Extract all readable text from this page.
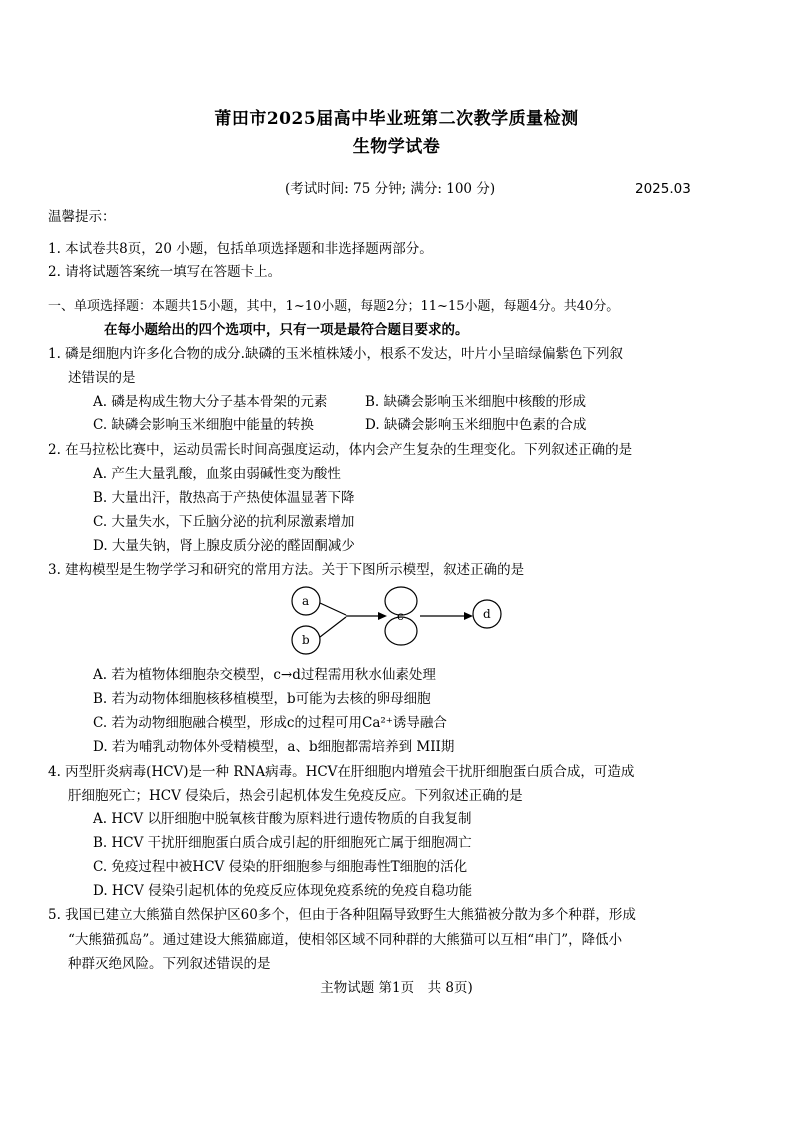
莆田市2025届高中毕业班第二次教学质量检测
生物学试卷
(考试时间: 75 分钟; 满分: 100 分)	2025.03
温馨提示：
1. 本试卷共8页，20 小题，包括单项选择题和非选择题两部分。
2. 请将试题答案统一填写在答题卡上。
一、单项选择题：本题共15小题，其中，1~10小题，每题2分；11~15小题，每题4分。共40分。
在每小题给出的四个选项中，只有一项是最符合题目要求的。
1. 磷是细胞内许多化合物的成分.缺磷的玉米植株矮小，根系不发达，叶片小呈暗绿偏紫色下列叙
述错误的是
A. 磷是构成生物大分子基本骨架的元素	B. 缺磷会影响玉米细胞中核酸的形成
C. 缺磷会影响玉米细胞中能量的转换	D. 缺磷会影响玉米细胞中色素的合成
2. 在马拉松比赛中，运动员需长时间高强度运动，体内会产生复杂的生理变化。下列叙述正确的是
A. 产生大量乳酸，血浆由弱碱性变为酸性
B. 大量出汗，散热高于产热使体温显著下降
C. 大量失水，下丘脑分泌的抗利尿激素增加
D. 大量失钠，肾上腺皮质分泌的醛固酮减少
3. 建构模型是生物学学习和研究的常用方法。关于下图所示模型，叙述正确的是
a
b
c	d
A. 若为植物体细胞杂交模型，c→d过程需用秋水仙素处理
B. 若为动物体细胞核移植模型，b可能为去核的卵母细胞
C. 若为动物细胞融合模型，形成c的过程可用Ca²⁺诱导融合
D. 若为哺乳动物体外受精模型，a、b细胞都需培养到 MII期
4. 丙型肝炎病毒(HCV)是一种 RNA病毒。HCV在肝细胞内增殖会干扰肝细胞蛋白质合成，可造成
肝细胞死亡；HCV 侵染后，热会引起机体发生免疫反应。下列叙述正确的是
A. HCV 以肝细胞中脱氧核苷酸为原料进行遗传物质的自我复制
B. HCV 干扰肝细胞蛋白质合成引起的肝细胞死亡属于细胞凋亡
C. 免疫过程中被HCV 侵染的肝细胞参与细胞毒性T细胞的活化
D. HCV 侵染引起机体的免疫反应体现免疫系统的免疫自稳功能
5. 我国已建立大熊猫自然保护区60多个，但由于各种阻隔导致野生大熊猫被分散为多个种群，形成
“大熊猫孤岛”。通过建设大熊猫廊道，使相邻区域不同种群的大熊猫可以互相“串门”，降低小
种群灭绝风险。下列叙述错误的是
主物试题 第1页　共 8页)
